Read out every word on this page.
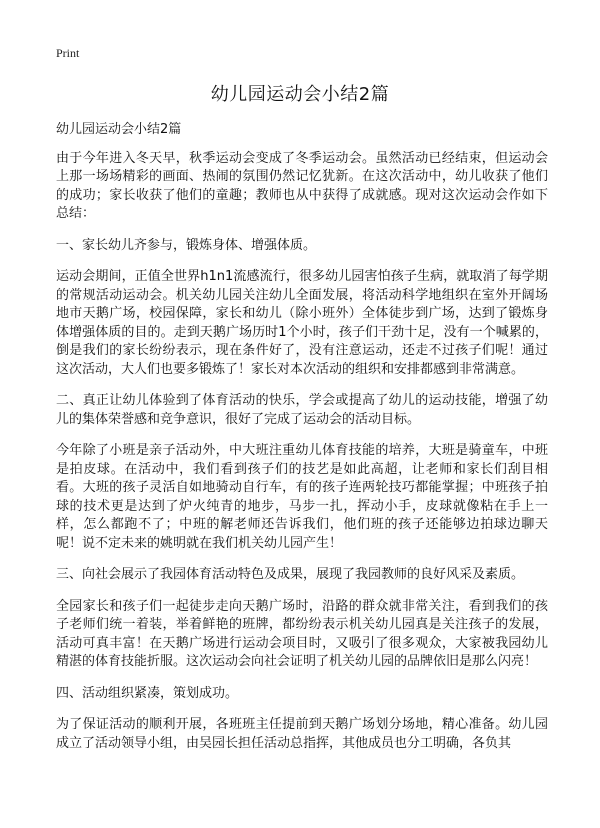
Print
幼儿园运动会小结2篇

幼儿园运动会小结2篇

由于今年进入冬天早，秋季运动会变成了冬季运动会。虽然活动已经结束，但运动会上那一场场精彩的画面、热闹的氛围仍然记忆犹新。在这次活动中，幼儿收获了他们的成功；家长收获了他们的童趣；教师也从中获得了成就感。现对这次运动会作如下总结：

一、家长幼儿齐参与，锻炼身体、增强体质。

运动会期间，正值全世界h1n1流感流行，很多幼儿园害怕孩子生病，就取消了每学期的常规活动运动会。机关幼儿园关注幼儿全面发展，将活动科学地组织在室外开阔场地市天鹅广场，校园保障，家长和幼儿（除小班外）全体徒步到广场，达到了锻炼身体增强体质的目的。走到天鹅广场历时1个小时，孩子们干劲十足，没有一个喊累的，倒是我们的家长纷纷表示，现在条件好了，没有注意运动，还走不过孩子们呢！通过这次活动，大人们也要多锻炼了！家长对本次活动的组织和安排都感到非常满意。

二、真正让幼儿体验到了体育活动的快乐，学会或提高了幼儿的运动技能，增强了幼儿的集体荣誉感和竞争意识，很好了完成了运动会的活动目标。

今年除了小班是亲子活动外，中大班注重幼儿体育技能的培养，大班是骑童车，中班是拍皮球。在活动中，我们看到孩子们的技艺是如此高超，让老师和家长们刮目相看。大班的孩子灵活自如地骑动自行车，有的孩子连两轮技巧都能掌握；中班孩子拍球的技术更是达到了炉火纯青的地步，马步一扎，挥动小手，皮球就像粘在手上一样，怎么都跑不了；中班的解老师还告诉我们，他们班的孩子还能够边拍球边聊天呢！说不定未来的姚明就在我们机关幼儿园产生！

三、向社会展示了我园体育活动特色及成果，展现了我园教师的良好风采及素质。

全园家长和孩子们一起徒步走向天鹅广场时，沿路的群众就非常关注，看到我们的孩子老师们统一着装，举着鲜艳的班牌，都纷纷表示机关幼儿园真是关注孩子的发展，活动可真丰富！在天鹅广场进行运动会项目时，又吸引了很多观众，大家被我园幼儿精湛的体育技能折服。这次运动会向社会证明了机关幼儿园的品牌依旧是那么闪亮！

四、活动组织紧凑，策划成功。

为了保证活动的顺利开展，各班班主任提前到天鹅广场划分场地，精心准备。幼儿园成立了活动领导小组，由吴园长担任活动总指挥，其他成员也分工明确，各负其
